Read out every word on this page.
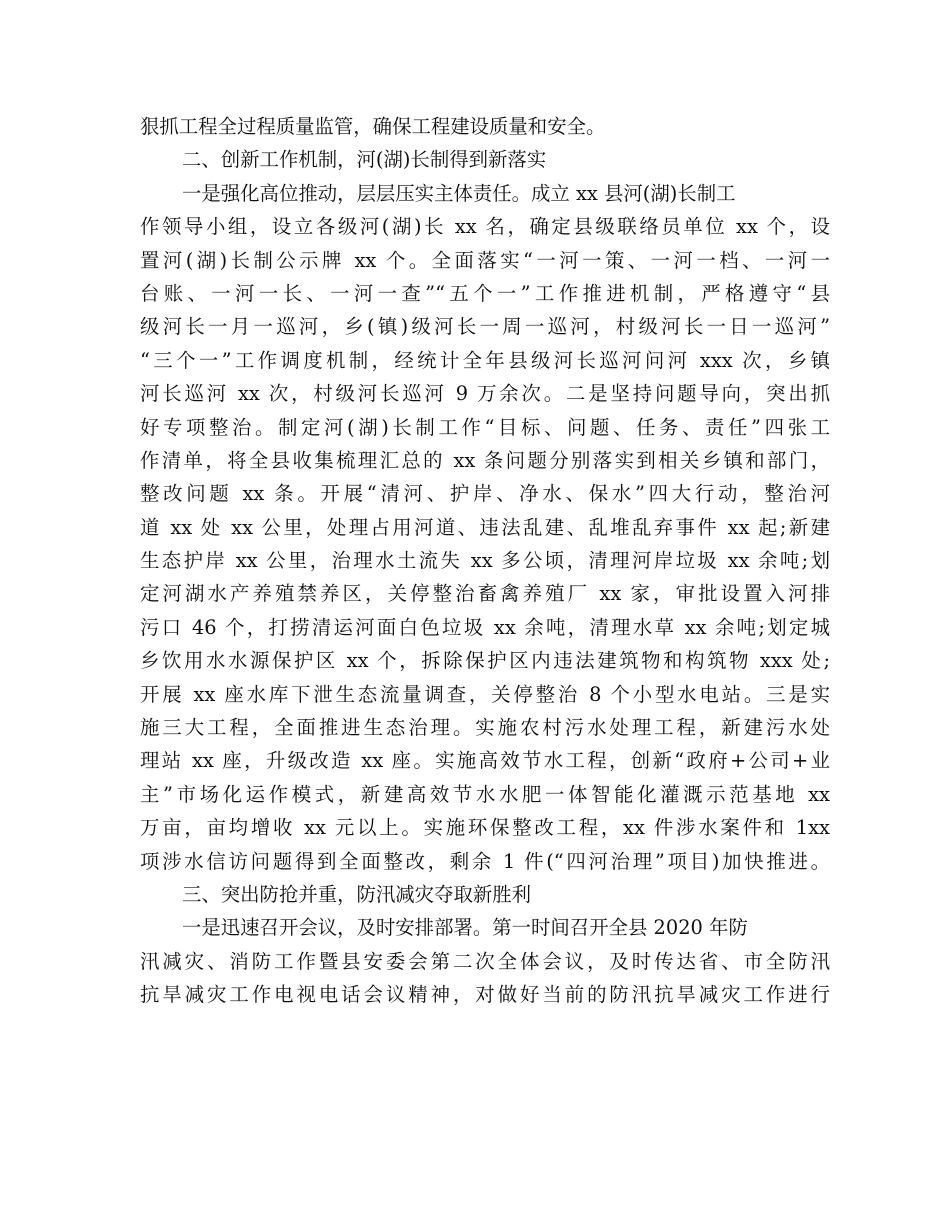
狠抓工程全过程质量监管，确保工程建设质量和安全。
二、创新工作机制，河(湖)长制得到新落实
一是强化高位推动，层层压实主体责任。成立 xx 县河(湖)长制工
作领导小组，设立各级河(湖)长 xx 名，确定县级联络员单位 xx 个，设
置河(湖)长制公示牌 xx 个。全面落实“一河一策、一河一档、一河一
台账、一河一长、一河一查”“五个一”工作推进机制，严格遵守“县
级河长一月一巡河，乡(镇)级河长一周一巡河，村级河长一日一巡河”
“三个一”工作调度机制，经统计全年县级河长巡河问河 xxx 次，乡镇
河长巡河 xx 次，村级河长巡河 9 万余次。二是坚持问题导向，突出抓
好专项整治。制定河(湖)长制工作“目标、问题、任务、责任”四张工
作清单，将全县收集梳理汇总的 xx 条问题分别落实到相关乡镇和部门，
整改问题 xx 条。开展“清河、护岸、净水、保水”四大行动，整治河
道 xx 处 xx 公里，处理占用河道、违法乱建、乱堆乱弃事件 xx 起;新建
生态护岸 xx 公里，治理水土流失 xx 多公顷，清理河岸垃圾 xx 余吨;划
定河湖水产养殖禁养区，关停整治畜禽养殖厂 xx 家，审批设置入河排
污口 46 个，打捞清运河面白色垃圾 xx 余吨，清理水草 xx 余吨;划定城
乡饮用水水源保护区 xx 个，拆除保护区内违法建筑物和构筑物 xxx 处;
开展 xx 座水库下泄生态流量调查，关停整治 8 个小型水电站。三是实
施三大工程，全面推进生态治理。实施农村污水处理工程，新建污水处
理站 xx 座，升级改造 xx 座。实施高效节水工程，创新“政府+公司+业
主”市场化运作模式，新建高效节水水肥一体智能化灌溉示范基地 xx
万亩，亩均增收 xx 元以上。实施环保整改工程，xx 件涉水案件和 1xx
项涉水信访问题得到全面整改，剩余 1 件(“四河治理”项目)加快推进。
三、突出防抢并重，防汛减灾夺取新胜利
一是迅速召开会议，及时安排部署。第一时间召开全县 2020 年防
汛减灾、消防工作暨县安委会第二次全体会议，及时传达省、市全防汛
抗旱减灾工作电视电话会议精神，对做好当前的防汛抗旱减灾工作进行
